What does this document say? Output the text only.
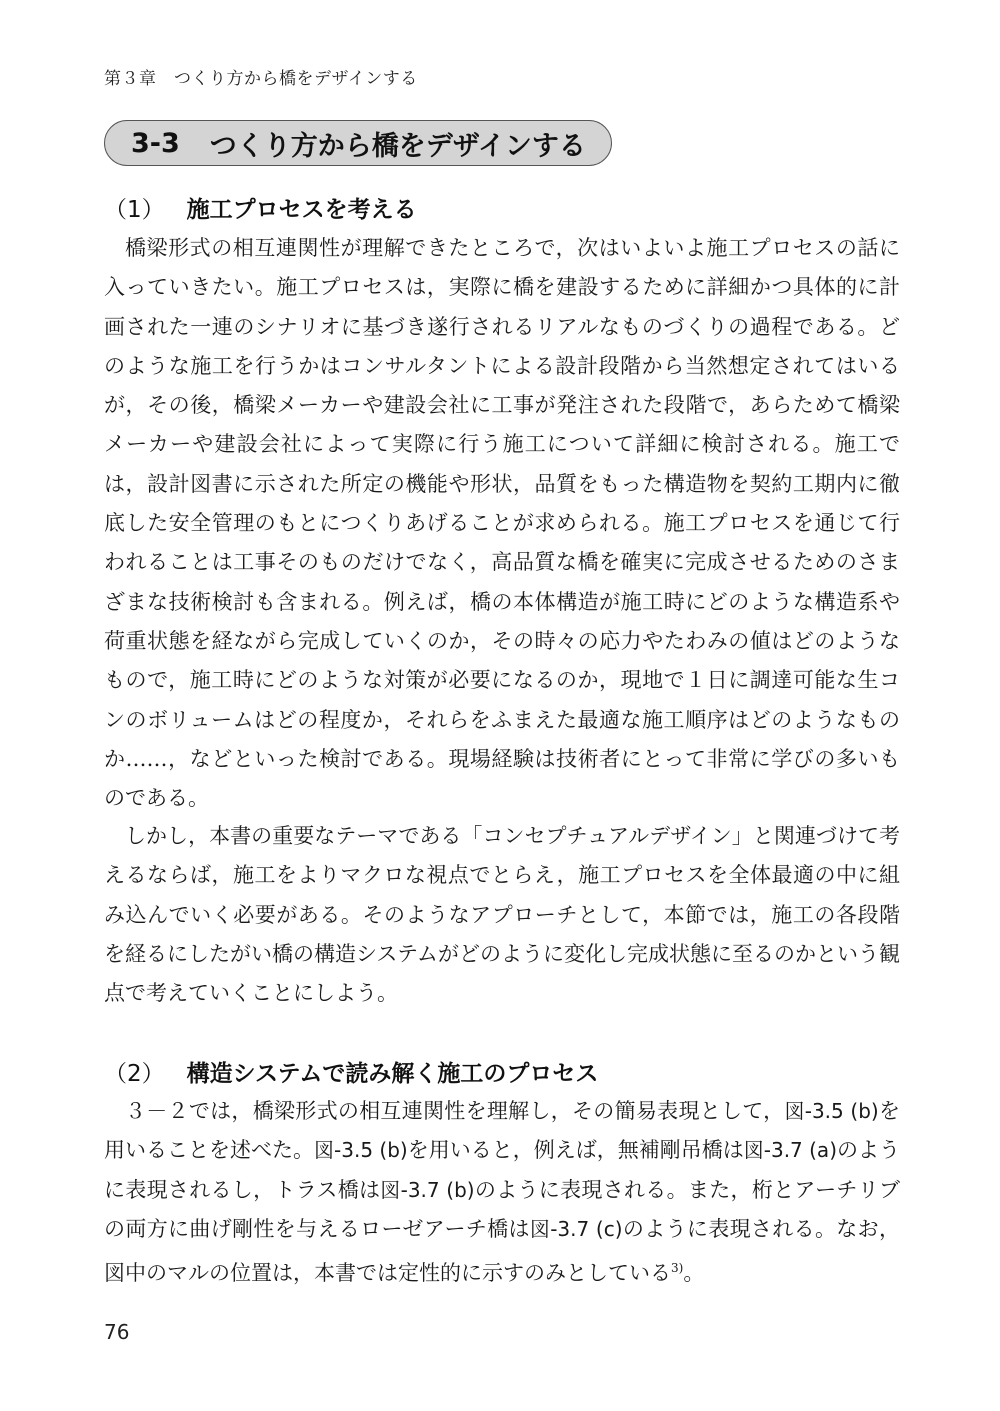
第３章　つくり方から橋をデザインする
3-3 つくり方から橋をデザインする
（1） 施工プロセスを考える

橋梁形式の相互連関性が理解できたところで，次はいよいよ施工プロセスの話に入っていきたい。施工プロセスは，実際に橋を建設するために詳細かつ具体的に計画された一連のシナリオに基づき遂行されるリアルなものづくりの過程である。どのような施工を行うかはコンサルタントによる設計段階から当然想定されてはいるが，その後，橋梁メーカーや建設会社に工事が発注された段階で，あらためて橋梁メーカーや建設会社によって実際に行う施工について詳細に検討される。施工では，設計図書に示された所定の機能や形状，品質をもった構造物を契約工期内に徹底した安全管理のもとにつくりあげることが求められる。施工プロセスを通じて行われることは工事そのものだけでなく，高品質な橋を確実に完成させるためのさまざまな技術検討も含まれる。例えば，橋の本体構造が施工時にどのような構造系や荷重状態を経ながら完成していくのか，その時々の応力やたわみの値はどのようなもので，施工時にどのような対策が必要になるのか，現地で１日に調達可能な生コンのボリュームはどの程度か，それらをふまえた最適な施工順序はどのようなものか……，などといった検討である。現場経験は技術者にとって非常に学びの多いものである。

しかし，本書の重要なテーマである「コンセプチュアルデザイン」と関連づけて考えるならば，施工をよりマクロな視点でとらえ，施工プロセスを全体最適の中に組み込んでいく必要がある。そのようなアプローチとして，本節では，施工の各段階を経るにしたがい橋の構造システムがどのように変化し完成状態に至るのかという観点で考えていくことにしよう。

（2） 構造システムで読み解く施工のプロセス

３－２では，橋梁形式の相互連関性を理解し，その簡易表現として，図-3.5 (b)を用いることを述べた。図-3.5 (b)を用いると，例えば，無補剛吊橋は図-3.7 (a)のように表現されるし，トラス橋は図-3.7 (b)のように表現される。また，桁とアーチリブの両方に曲げ剛性を与えるローゼアーチ橋は図-3.7 (c)のように表現される。なお，図中のマルの位置は，本書では定性的に示すのみとしている$^{3)}$。

76
